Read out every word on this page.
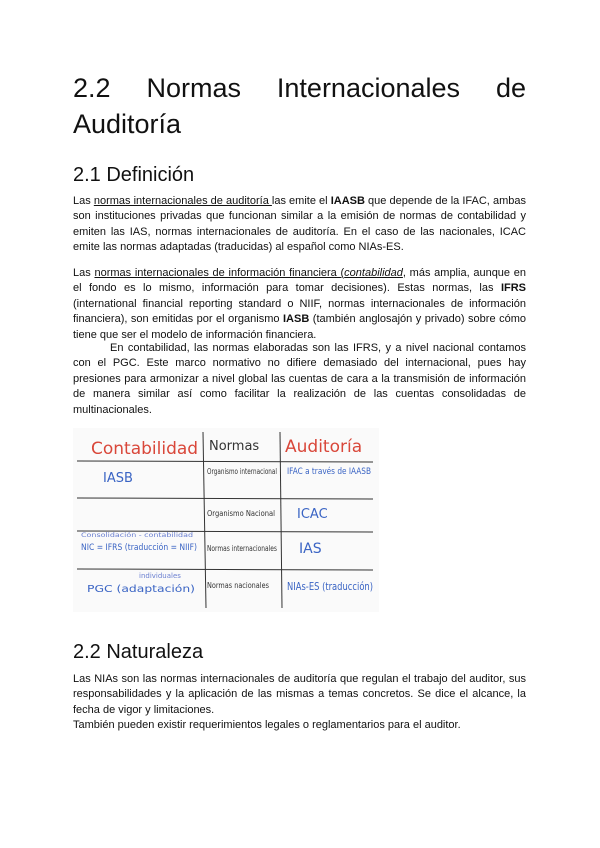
2.2 Normas Internacionales de
Auditoría
2.1 Definición

Las normas internacionales de auditoría las emite el IAASB que depende de la IFAC, ambas son instituciones privadas que funcionan similar a la emisión de normas de contabilidad y emiten las IAS, normas internacionales de auditoría. En el caso de las nacionales, ICAC emite las normas adaptadas (traducidas) al español como NIAs-ES.

Las normas internacionales de información financiera (contabilidad, más amplia, aunque en el fondo es lo mismo, información para tomar decisiones). Estas normas, las IFRS (international financial reporting standard o NIIF, normas internacionales de información financiera), son emitidas por el organismo IASB (también anglosajón y privado) sobre cómo tiene que ser el modelo de información financiera.

En contabilidad, las normas elaboradas son las IFRS, y a nivel nacional contamos con el PGC. Este marco normativo no difiere demasiado del internacional, pues hay presiones para armonizar a nivel global las cuentas de cara a la transmisión de información de manera similar así como facilitar la realización de las cuentas consolidadas de multinacionales.

Contabilidad Normas Auditoría
IASB	Organismo internacional IFAC a través de IAASB
Organismo Nacional ICAC
Consolidación - contabilidad
NIC = IFRS (traducción = NIIF)
Normas internacionales IAS
individuales
PGC (adaptación)	Normas nacionales NIAs-ES (traducción)
2.2 Naturaleza

Las NIAs son las normas internacionales de auditoría que regulan el trabajo del auditor, sus responsabilidades y la aplicación de las mismas a temas concretos. Se dice el alcance, la fecha de vigor y limitaciones.

También pueden existir requerimientos legales o reglamentarios para el auditor.
